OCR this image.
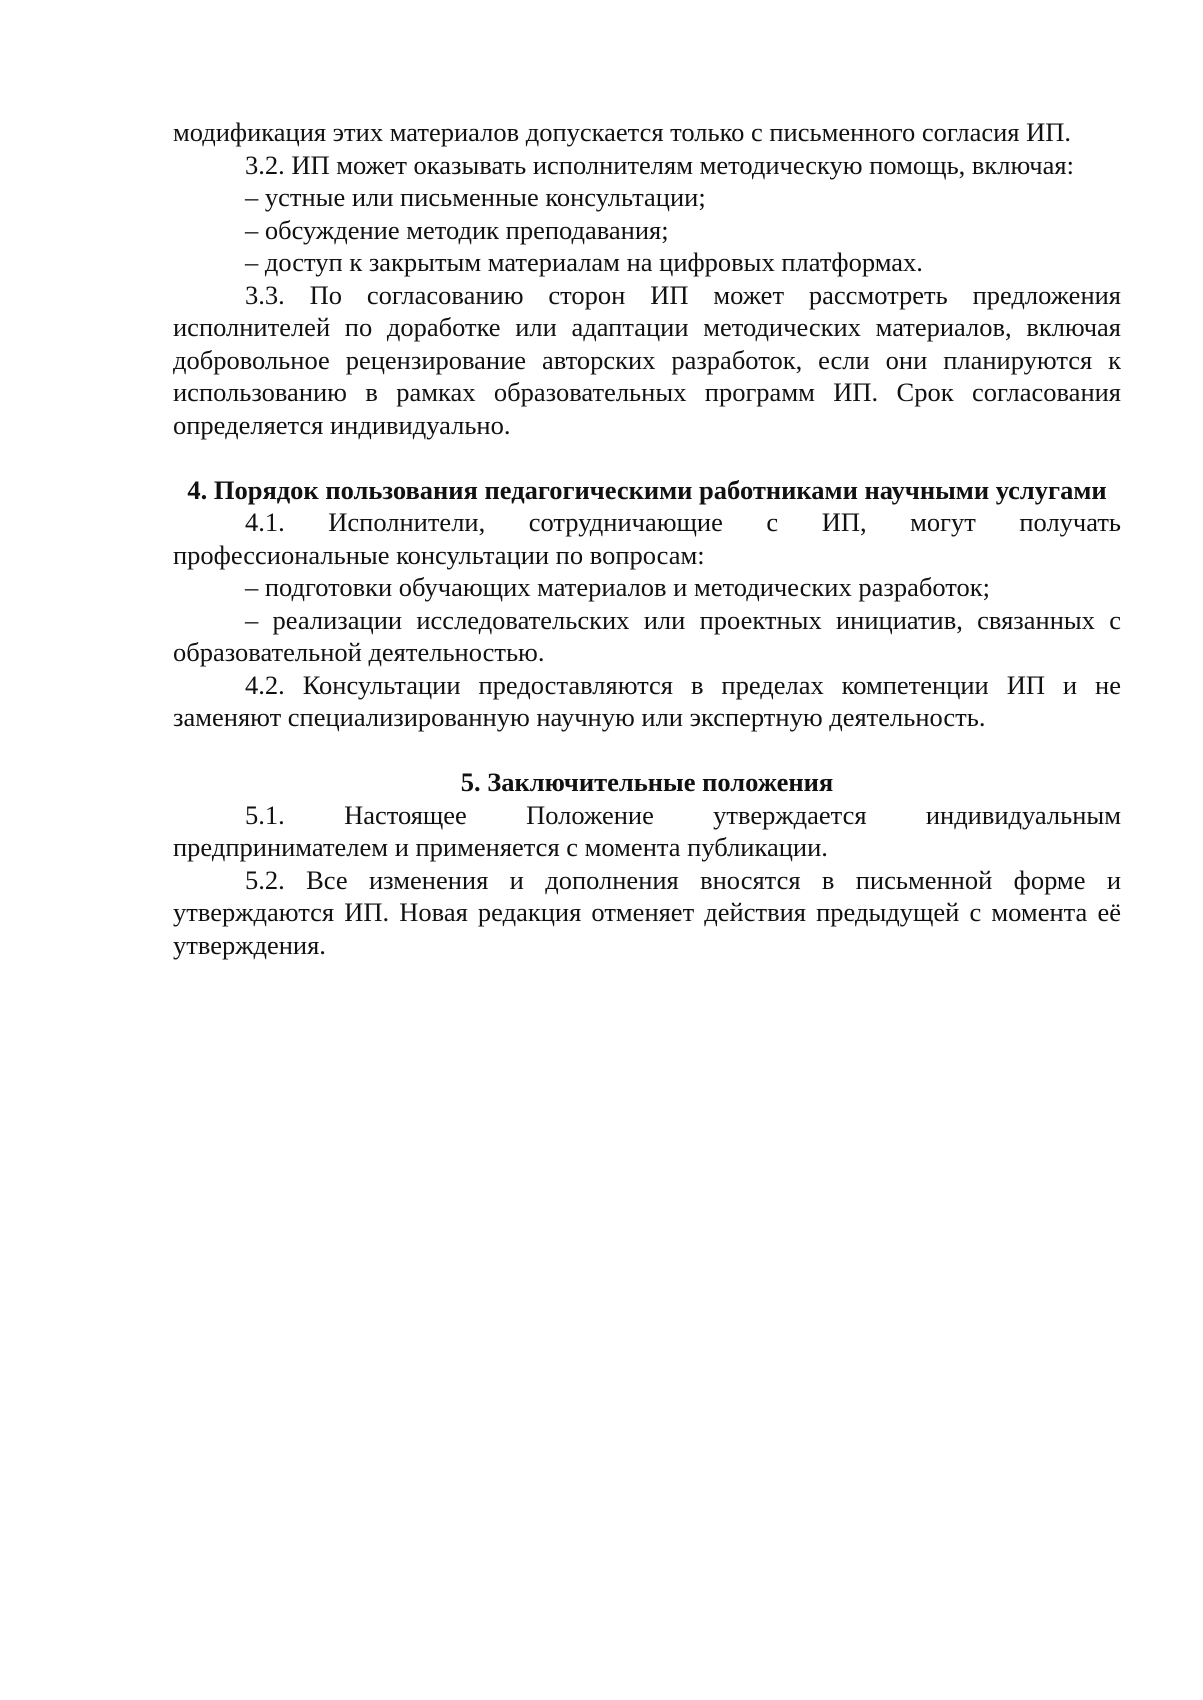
модификация этих материалов допускается только с письменного согласия ИП.

3.2. ИП может оказывать исполнителям методическую помощь, включая:

– устные или письменные консультации;

– обсуждение методик преподавания;

– доступ к закрытым материалам на цифровых платформах.

3.3. По согласованию сторон ИП может рассмотреть предложения исполнителей по доработке или адаптации методических материалов, включая добровольное рецензирование авторских разработок, если они планируются к использованию в рамках образовательных программ ИП. Срок согласования определяется индивидуально.

4. Порядок пользования педагогическими работниками научными услугами

4.1. Исполнители, сотрудничающие с ИП, могут получать профессиональные консультации по вопросам:

– подготовки обучающих материалов и методических разработок;

– реализации исследовательских или проектных инициатив, связанных с образовательной деятельностью.

4.2. Консультации предоставляются в пределах компетенции ИП и не заменяют специализированную научную или экспертную деятельность.

5. Заключительные положения

5.1. Настоящее Положение утверждается индивидуальным предпринимателем и применяется с момента публикации.

5.2. Все изменения и дополнения вносятся в письменной форме и утверждаются ИП. Новая редакция отменяет действия предыдущей с момента её утверждения.
